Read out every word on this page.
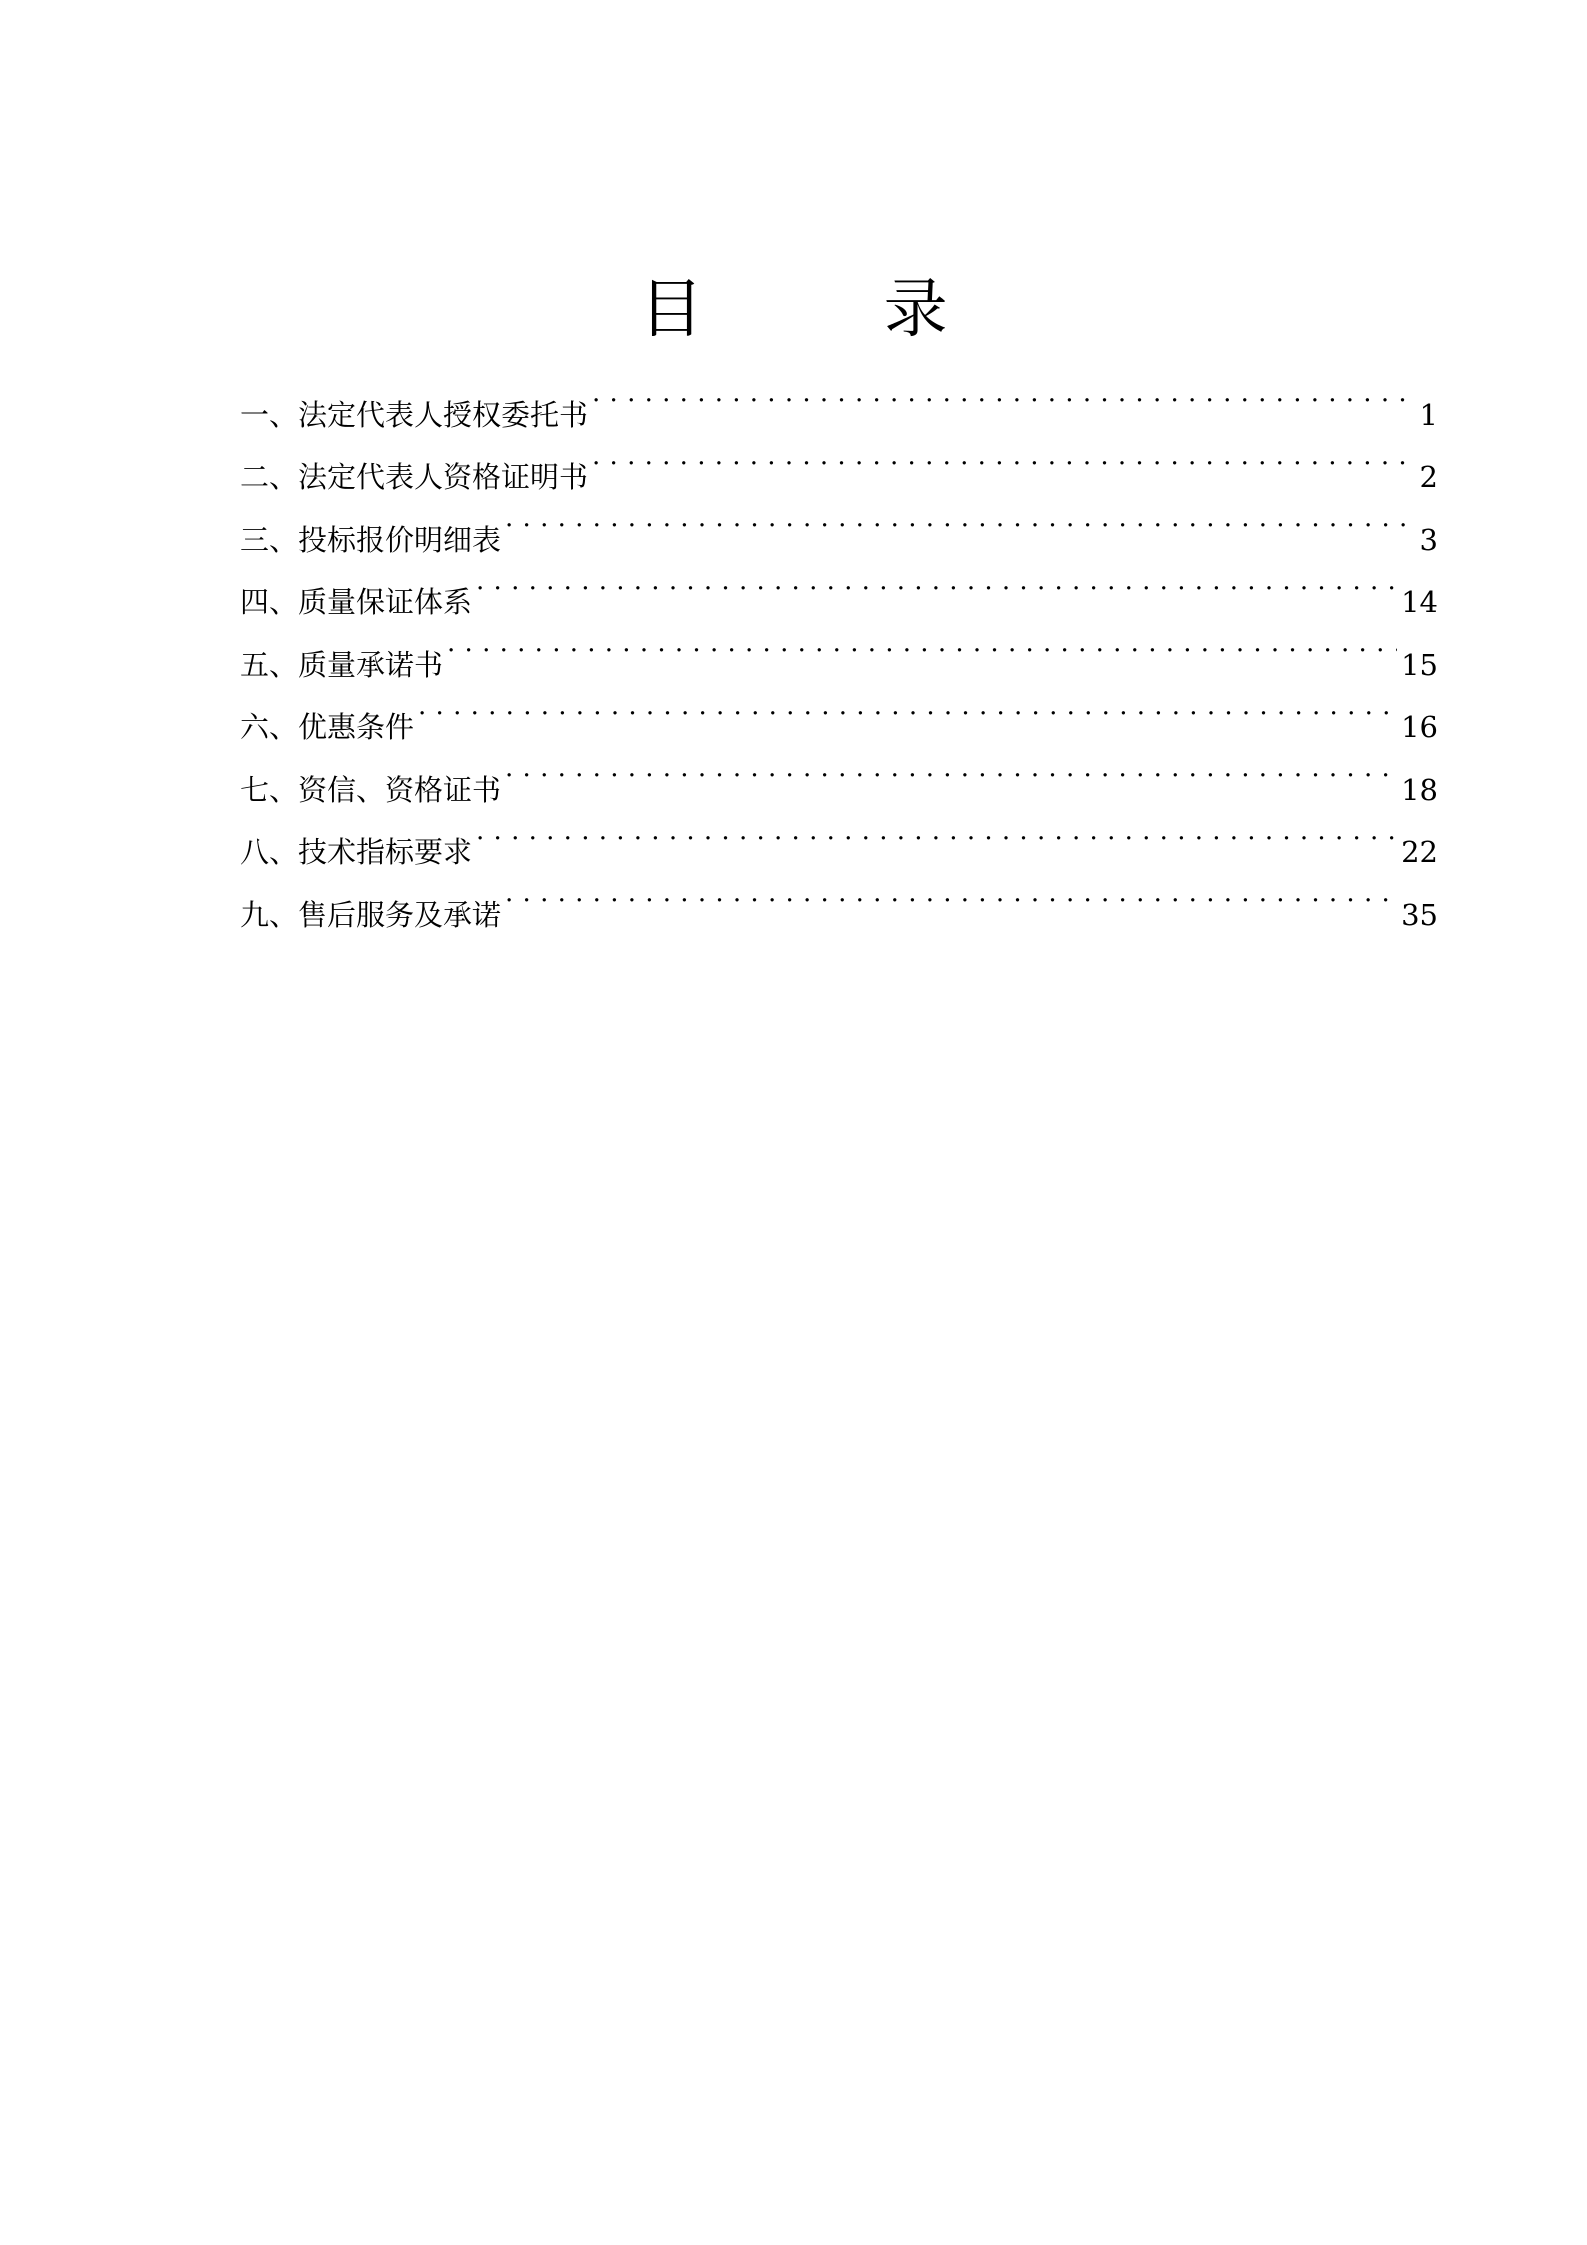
目 录
一、法定代表人授权委托书 . . .	1
二、法定代表人资格证明书 . . .	2
三、投标报价明细表 . . .	3
四、质量保证体系 . . .	14
五、质量承诺书 . . .	15
六、优惠条件 . . .	16
七、资信、资格证书 . . .	18
八、技术指标要求 . . .	22
九、售后服务及承诺 . . .	35
